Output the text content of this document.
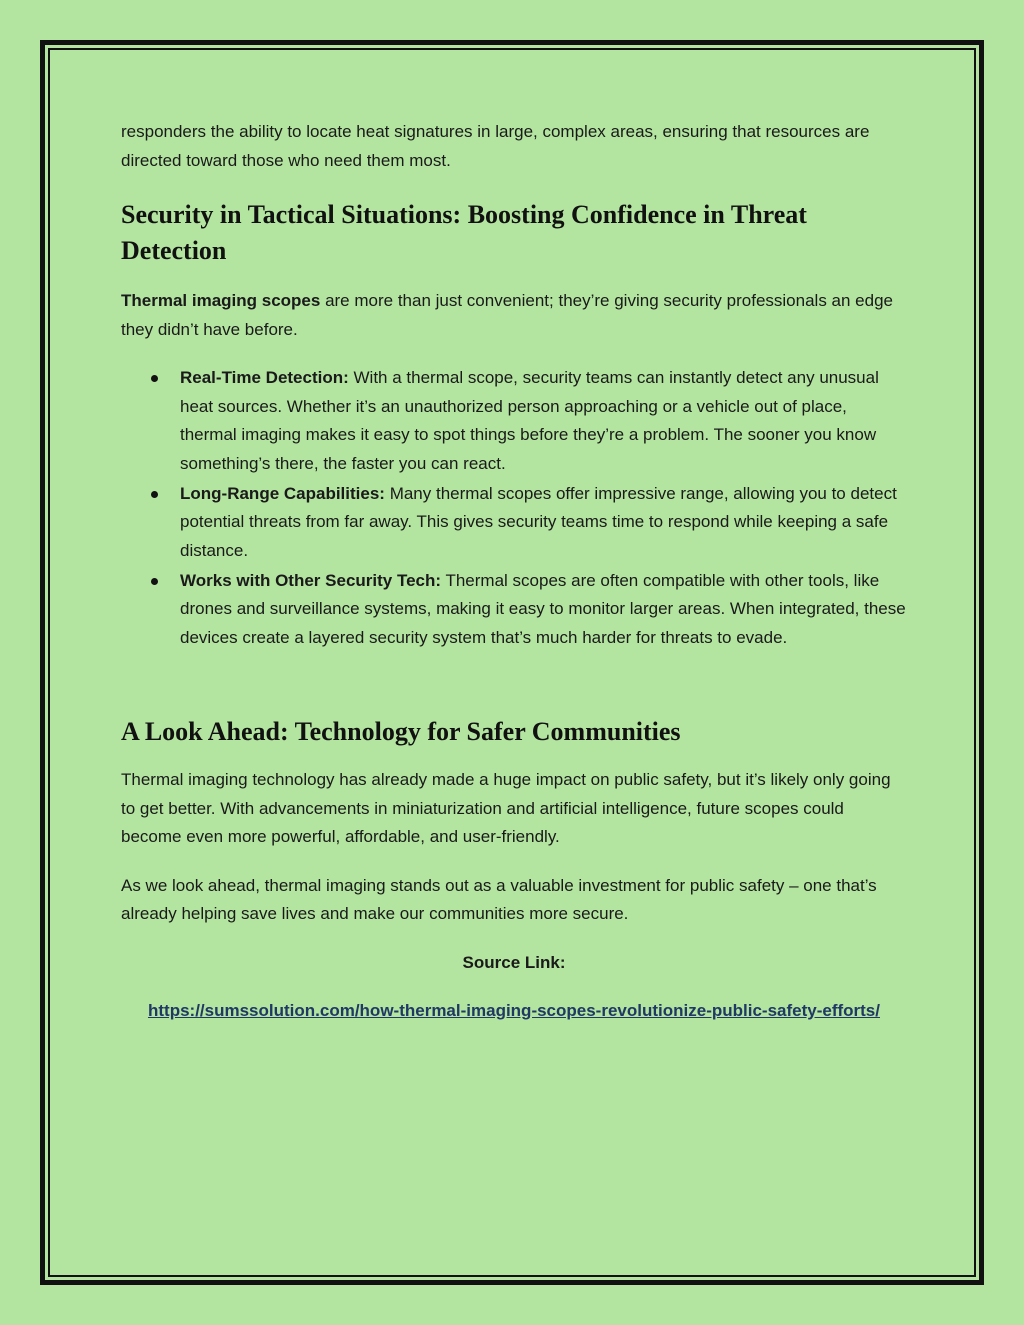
responders the ability to locate heat signatures in large, complex areas, ensuring that resources are directed toward those who need them most.

Security in Tactical Situations: Boosting Confidence in Threat Detection

Thermal imaging scopes are more than just convenient; they’re giving security professionals an edge they didn’t have before.

Real-Time Detection: With a thermal scope, security teams can instantly detect any unusual heat sources. Whether it’s an unauthorized person approaching or a vehicle out of place, thermal imaging makes it easy to spot things before they’re a problem. The sooner you know something’s there, the faster you can react.
Long-Range Capabilities: Many thermal scopes offer impressive range, allowing you to detect potential threats from far away. This gives security teams time to respond while keeping a safe distance.
Works with Other Security Tech: Thermal scopes are often compatible with other tools, like drones and surveillance systems, making it easy to monitor larger areas. When integrated, these devices create a layered security system that’s much harder for threats to evade.
A Look Ahead: Technology for Safer Communities

Thermal imaging technology has already made a huge impact on public safety, but it’s likely only going to get better. With advancements in miniaturization and artificial intelligence, future scopes could become even more powerful, affordable, and user-friendly.

As we look ahead, thermal imaging stands out as a valuable investment for public safety – one that’s already helping save lives and make our communities more secure.

Source Link:

https://sumssolution.com/how-thermal-imaging-scopes-revolutionize-public-safety-efforts/
